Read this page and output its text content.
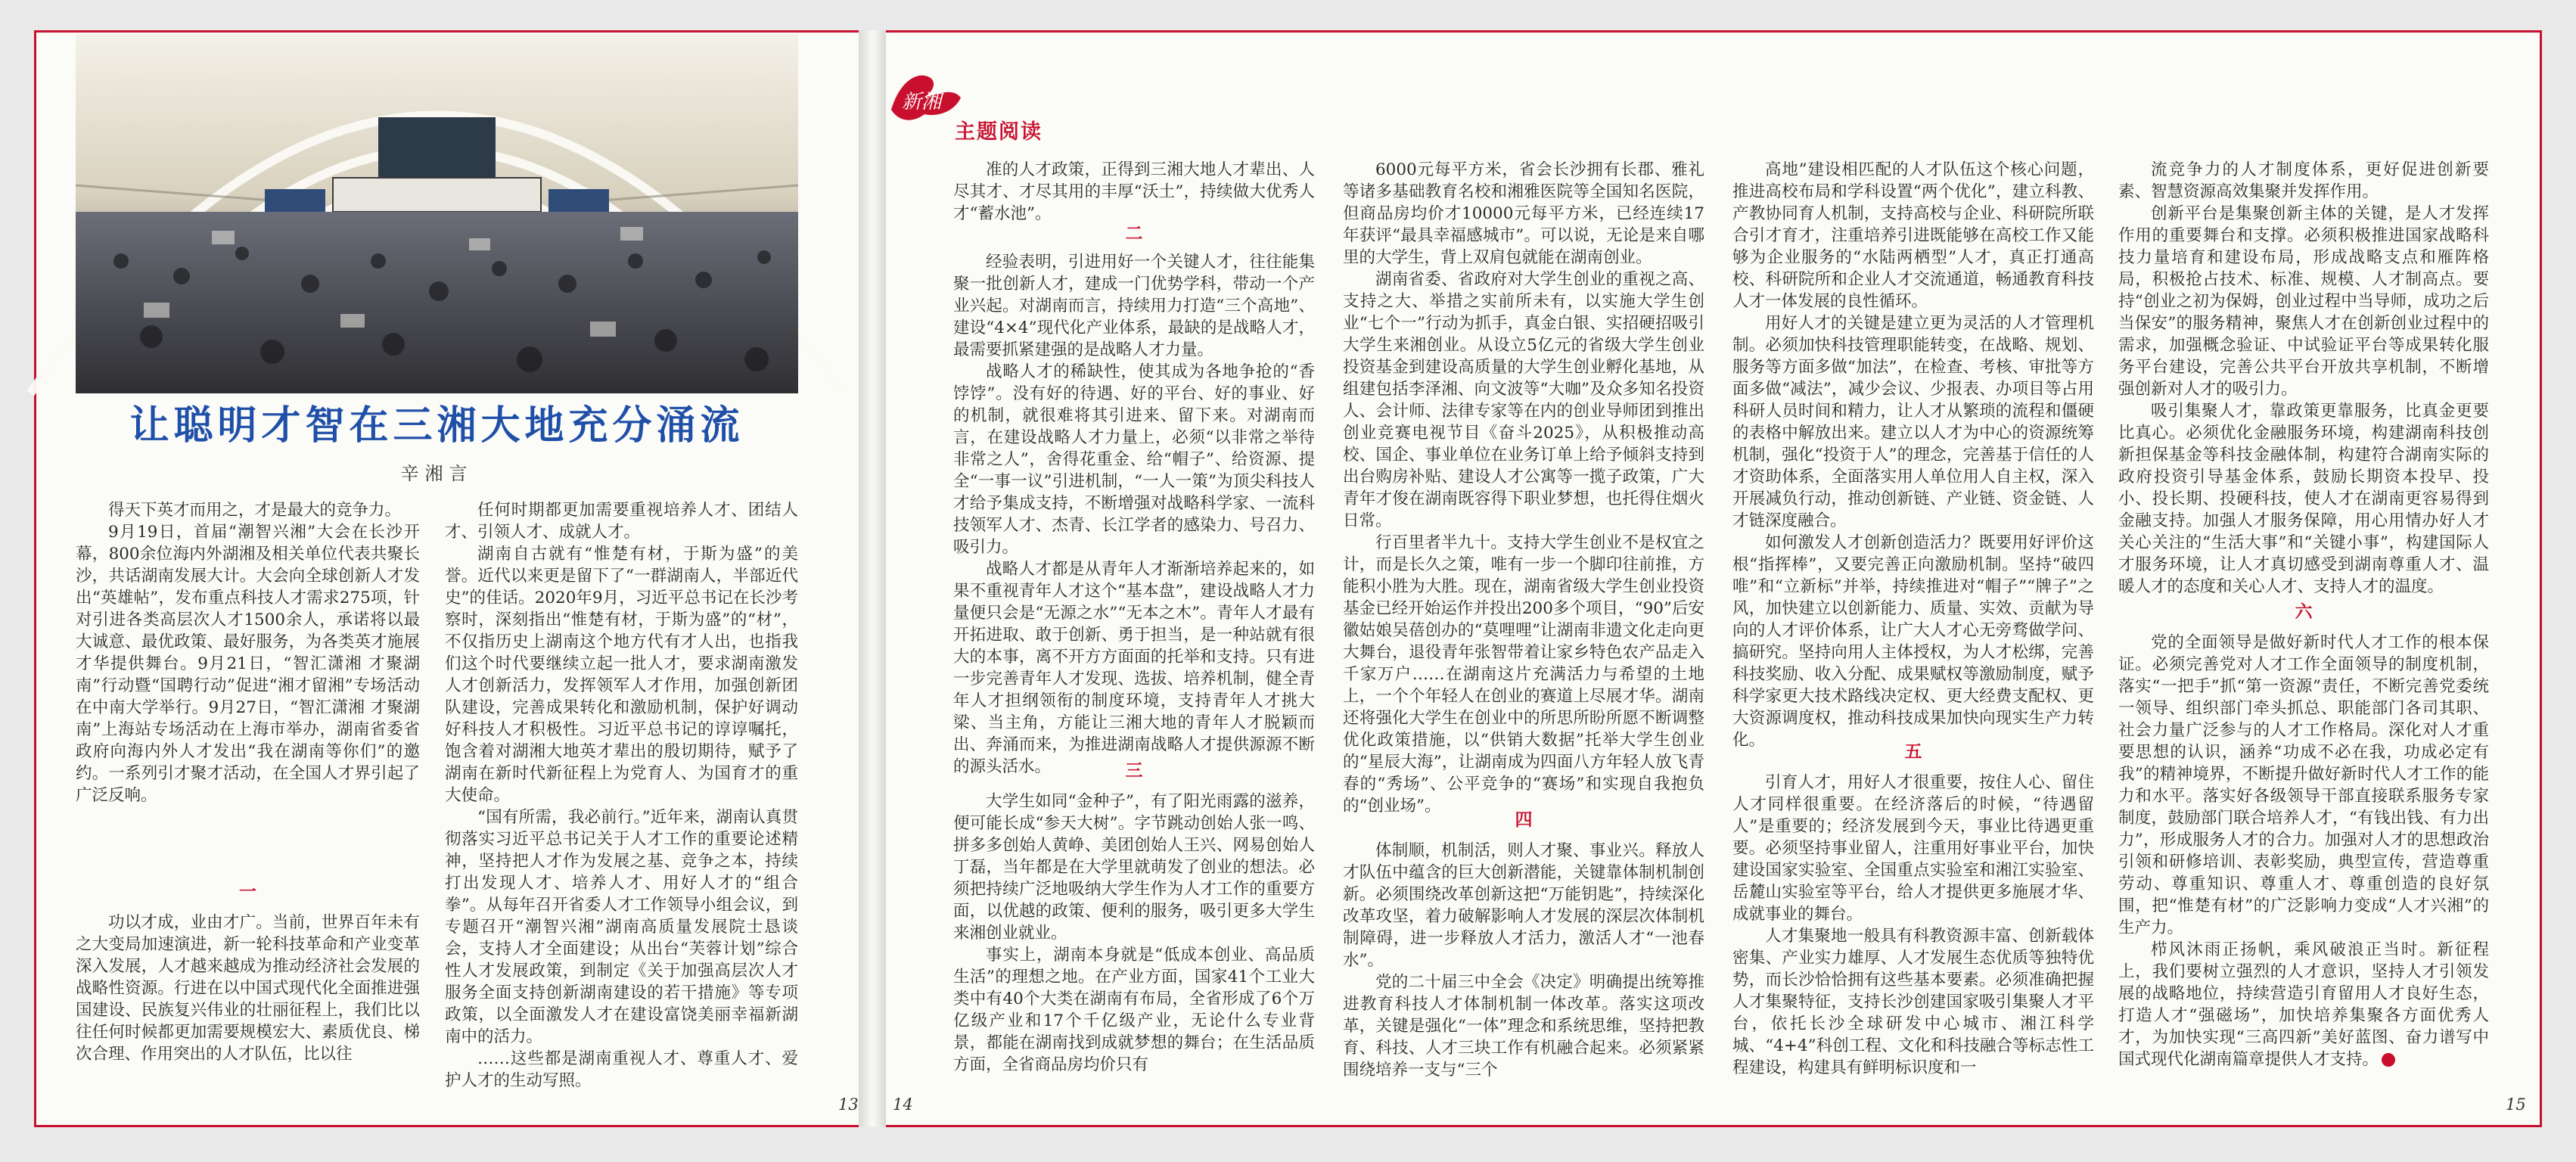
让聪明才智在三湘大地充分涌流
辛湘言

得天下英才而用之，才是最大的竞争力。

9月19日，首届“潮智兴湘”大会在长沙开幕，800余位海内外湖湘及相关单位代表共聚长沙，共话湖南发展大计。大会向全球创新人才发出“英雄帖”，发布重点科技人才需求275项，针对引进各类高层次人才1500余人，承诺将以最大诚意、最优政策、最好服务，为各类英才施展才华提供舞台。9月21日，“智汇潇湘 才聚湖南”行动暨“国聘行动”促进“湘才留湘”专场活动在中南大学举行。9月27日，“智汇潇湘 才聚湖南”上海站专场活动在上海市举办，湖南省委省政府向海内外人才发出“我在湖南等你们”的邀约。一系列引才聚才活动，在全国人才界引起了广泛反响。

一

功以才成，业由才广。当前，世界百年未有之大变局加速演进，新一轮科技革命和产业变革深入发展，人才越来越成为推动经济社会发展的战略性资源。行进在以中国式现代化全面推进强国建设、民族复兴伟业的壮丽征程上，我们比以往任何时候都更加需要规模宏大、素质优良、梯次合理、作用突出的人才队伍，比以往

任何时期都更加需要重视培养人才、团结人才、引领人才、成就人才。

湖南自古就有“惟楚有材，于斯为盛”的美誉。近代以来更是留下了“一群湖南人，半部近代史”的佳话。2020年9月，习近平总书记在长沙考察时，深刻指出“惟楚有材，于斯为盛”的“材”，不仅指历史上湖南这个地方代有才人出，也指我们这个时代要继续立起一批人才，要求湖南激发人才创新活力，发挥领军人才作用，加强创新团队建设，完善成果转化和激励机制，保护好调动好科技人才积极性。习近平总书记的谆谆嘱托，饱含着对湖湘大地英才辈出的殷切期待，赋予了湖南在新时代新征程上为党育人、为国育才的重大使命。

“国有所需，我必前行。”近年来，湖南认真贯彻落实习近平总书记关于人才工作的重要论述精神，坚持把人才作为发展之基、竞争之本，持续打出发现人才、培养人才、用好人才的“组合拳”。从每年召开省委人才工作领导小组会议，到专题召开“潮智兴湘”湖南高质量发展院士恳谈会，支持人才全面建设；从出台“芙蓉计划”综合性人才发展政策，到制定《关于加强高层次人才服务全面支持创新湖南建设的若干措施》等专项政策，以全面激发人才在建设富饶美丽幸福新湖南中的活力。

……这些都是湖南重视人才、尊重人才、爱护人才的生动写照。

新湘
主题阅读

准的人才政策，正得到三湘大地人才辈出、人尽其才、才尽其用的丰厚“沃土”，持续做大优秀人才“蓄水池”。

二

经验表明，引进用好一个关键人才，往往能集聚一批创新人才，建成一门优势学科，带动一个产业兴起。对湖南而言，持续用力打造“三个高地”、建设“4×4”现代化产业体系，最缺的是战略人才，最需要抓紧建强的是战略人才力量。

战略人才的稀缺性，使其成为各地争抢的“香饽饽”。没有好的待遇、好的平台、好的事业、好的机制，就很难将其引进来、留下来。对湖南而言，在建设战略人才力量上，必须“以非常之举待非常之人”，舍得花重金、给“帽子”、给资源、提全“一事一议”引进机制，“一人一策”为顶尖科技人才给予集成支持，不断增强对战略科学家、一流科技领军人才、杰青、长江学者的感染力、号召力、吸引力。

战略人才都是从青年人才渐渐培养起来的，如果不重视青年人才这个“基本盘”，建设战略人才力量便只会是“无源之水”“无本之木”。青年人才最有开拓进取、敢于创新、勇于担当，是一种站就有很大的本事，离不开方方面面的托举和支持。只有进一步完善青年人才发现、选拔、培养机制，健全青年人才担纲领衔的制度环境，支持青年人才挑大梁、当主角，方能让三湘大地的青年人才脱颖而出、奔涌而来，为推进湖南战略人才提供源源不断的源头活水。	三

大学生如同“金种子”，有了阳光雨露的滋养，便可能长成“参天大树”。字节跳动创始人张一鸣、拼多多创始人黄峥、美团创始人王兴、网易创始人丁磊，当年都是在大学里就萌发了创业的想法。必须把持续广泛地吸纳大学生作为人才工作的重要方面，以优越的政策、便利的服务，吸引更多大学生来湘创业就业。

事实上，湖南本身就是“低成本创业、高品质生活”的理想之地。在产业方面，国家41个工业大类中有40个大类在湖南有布局，全省形成了6个万亿级产业和17个千亿级产业，无论什么专业背景，都能在湖南找到成就梦想的舞台；在生活品质方面，全省商品房均价只有

6000元每平方米，省会长沙拥有长郡、雅礼等诸多基础教育名校和湘雅医院等全国知名医院，但商品房均价才10000元每平方米，已经连续17年获评“最具幸福感城市”。可以说，无论是来自哪里的大学生，背上双肩包就能在湖南创业。

湖南省委、省政府对大学生创业的重视之高、支持之大、举措之实前所未有，以实施大学生创业“七个一”行动为抓手，真金白银、实招硬招吸引大学生来湘创业。从设立5亿元的省级大学生创业投资基金到建设高质量的大学生创业孵化基地，从组建包括李泽湘、向文波等“大咖”及众多知名投资人、会计师、法律专家等在内的创业导师团到推出创业竞赛电视节目《奋斗2025》，从积极推动高校、国企、事业单位在业务订单上给予倾斜支持到出台购房补贴、建设人才公寓等一揽子政策，广大青年才俊在湖南既容得下职业梦想，也托得住烟火日常。

行百里者半九十。支持大学生创业不是权宜之计，而是长久之策，唯有一步一个脚印往前推，方能积小胜为大胜。现在，湖南省级大学生创业投资基金已经开始运作并投出200多个项目，“90”后安徽姑娘吴蓓创办的“莫哩哩”让湖南非遗文化走向更大舞台，退役青年张智带着让家乡特色农产品走入千家万户……在湖南这片充满活力与希望的土地上，一个个年轻人在创业的赛道上尽展才华。湖南还将强化大学生在创业中的所思所盼所愿不断调整优化政策措施，以“供销大数据”托举大学生创业的“星辰大海”，让湖南成为四面八方年轻人放飞青春的“秀场”、公平竞争的“赛场”和实现自我抱负的“创业场”。

四

体制顺，机制活，则人才聚、事业兴。释放人才队伍中蕴含的巨大创新潜能，关键靠体制机制创新。必须围绕改革创新这把“万能钥匙”，持续深化改革攻坚，着力破解影响人才发展的深层次体制机制障碍，进一步释放人才活力，激活人才“一池春水”。

党的二十届三中全会《决定》明确提出统筹推进教育科技人才体制机制一体改革。落实这项改革，关键是强化“一体”理念和系统思维，坚持把教育、科技、人才三块工作有机融合起来。必须紧紧围绕培养一支与“三个

高地”建设相匹配的人才队伍这个核心问题，推进高校布局和学科设置“两个优化”，建立科教、产教协同育人机制，支持高校与企业、科研院所联合引才育才，注重培养引进既能够在高校工作又能够为企业服务的“水陆两栖型”人才，真正打通高校、科研院所和企业人才交流通道，畅通教育科技人才一体发展的良性循环。

用好人才的关键是建立更为灵活的人才管理机制。必须加快科技管理职能转变，在战略、规划、服务等方面多做“加法”，在检查、考核、审批等方面多做“减法”，减少会议、少报表、办项目等占用科研人员时间和精力，让人才从繁琐的流程和僵硬的表格中解放出来。建立以人才为中心的资源统筹机制，强化“投资于人”的理念，完善基于信任的人才资助体系，全面落实用人单位用人自主权，深入开展减负行动，推动创新链、产业链、资金链、人才链深度融合。

如何激发人才创新创造活力？既要用好评价这根“指挥棒”，又要完善正向激励机制。坚持“破四唯”和“立新标”并举，持续推进对“帽子”“牌子”之风，加快建立以创新能力、质量、实效、贡献为导向的人才评价体系，让广大人才心无旁骛做学问、搞研究。坚持向用人主体授权，为人才松绑，完善科技奖励、收入分配、成果赋权等激励制度，赋予科学家更大技术路线决定权、更大经费支配权、更大资源调度权，推动科技成果加快向现实生产力转化。

五

引育人才，用好人才很重要，按住人心、留住人才同样很重要。在经济落后的时候，“待遇留人”是重要的；经济发展到今天，事业比待遇更重要。必须坚持事业留人，注重用好事业平台，加快建设国家实验室、全国重点实验室和湘江实验室、岳麓山实验室等平台，给人才提供更多施展才华、成就事业的舞台。

人才集聚地一般具有科教资源丰富、创新载体密集、产业实力雄厚、人才发展生态优质等独特优势，而长沙恰恰拥有这些基本要素。必须准确把握人才集聚特征，支持长沙创建国家吸引集聚人才平台，依托长沙全球研发中心城市、湘江科学城、“4+4”科创工程、文化和科技融合等标志性工程建设，构建具有鲜明标识度和一

流竞争力的人才制度体系，更好促进创新要素、智慧资源高效集聚并发挥作用。

创新平台是集聚创新主体的关键，是人才发挥作用的重要舞台和支撑。必须积极推进国家战略科技力量培育和建设布局，形成战略支点和雁阵格局，积极抢占技术、标准、规模、人才制高点。要持“创业之初为保姆，创业过程中当导师，成功之后当保安”的服务精神，聚焦人才在创新创业过程中的需求，加强概念验证、中试验证平台等成果转化服务平台建设，完善公共平台开放共享机制，不断增强创新对人才的吸引力。

吸引集聚人才，靠政策更靠服务，比真金更要比真心。必须优化金融服务环境，构建湖南科技创新担保基金等科技金融体制，构建符合湖南实际的政府投资引导基金体系，鼓励长期资本投早、投小、投长期、投硬科技，使人才在湖南更容易得到金融支持。加强人才服务保障，用心用情办好人才关心关注的“生活大事”和“关键小事”，构建国际人才服务环境，让人才真切感受到湖南尊重人才、温暖人才的态度和关心人才、支持人才的温度。

六

党的全面领导是做好新时代人才工作的根本保证。必须完善党对人才工作全面领导的制度机制，落实“一把手”抓“第一资源”责任，不断完善党委统一领导、组织部门牵头抓总、职能部门各司其职、社会力量广泛参与的人才工作格局。深化对人才重要思想的认识，涵养“功成不必在我，功成必定有我”的精神境界，不断提升做好新时代人才工作的能力和水平。落实好各级领导干部直接联系服务专家制度，鼓励部门联合培养人才，“有钱出钱、有力出力”，形成服务人才的合力。加强对人才的思想政治引领和研修培训、表彰奖励，典型宣传，营造尊重劳动、尊重知识、尊重人才、尊重创造的良好氛围，把“惟楚有材”的广泛影响力变成“人才兴湘”的生产力。

栉风沐雨正扬帆，乘风破浪正当时。新征程上，我们要树立强烈的人才意识，坚持人才引领发展的战略地位，持续营造引育留用人才良好生态，打造人才“强磁场”，加快培养集聚各方面优秀人才，为加快实现“三高四新”美好蓝图、奋力谱写中国式现代化湖南篇章提供人才支持。

13 14	15
